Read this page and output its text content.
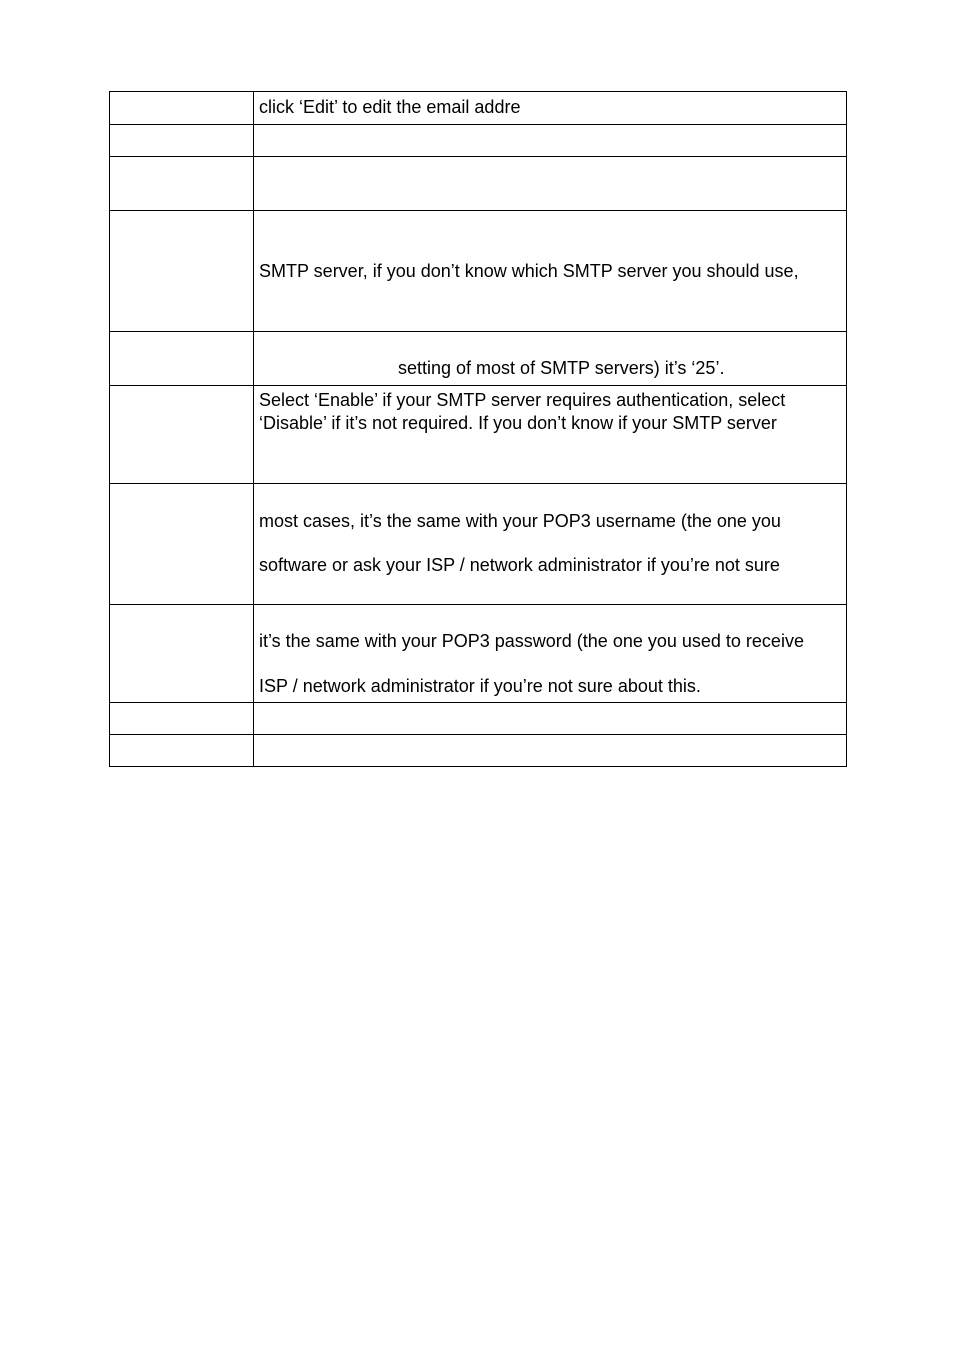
	click ‘Edit’ to edit the email addre

	SMTP server, if you don’t know which SMTP server you should use,

	setting of most of SMTP servers) it’s ‘25’.

	Select ‘Enable’ if your SMTP server requires authentication, select
‘Disable’ if it’s not required. If you don’t know if your SMTP server

	most cases, it’s the same with your POP3 username (the one you
software or ask your ISP / network administrator if you’re not sure

	it’s the same with your POP3 password (the one you used to receive
ISP / network administrator if you’re not sure about this.
